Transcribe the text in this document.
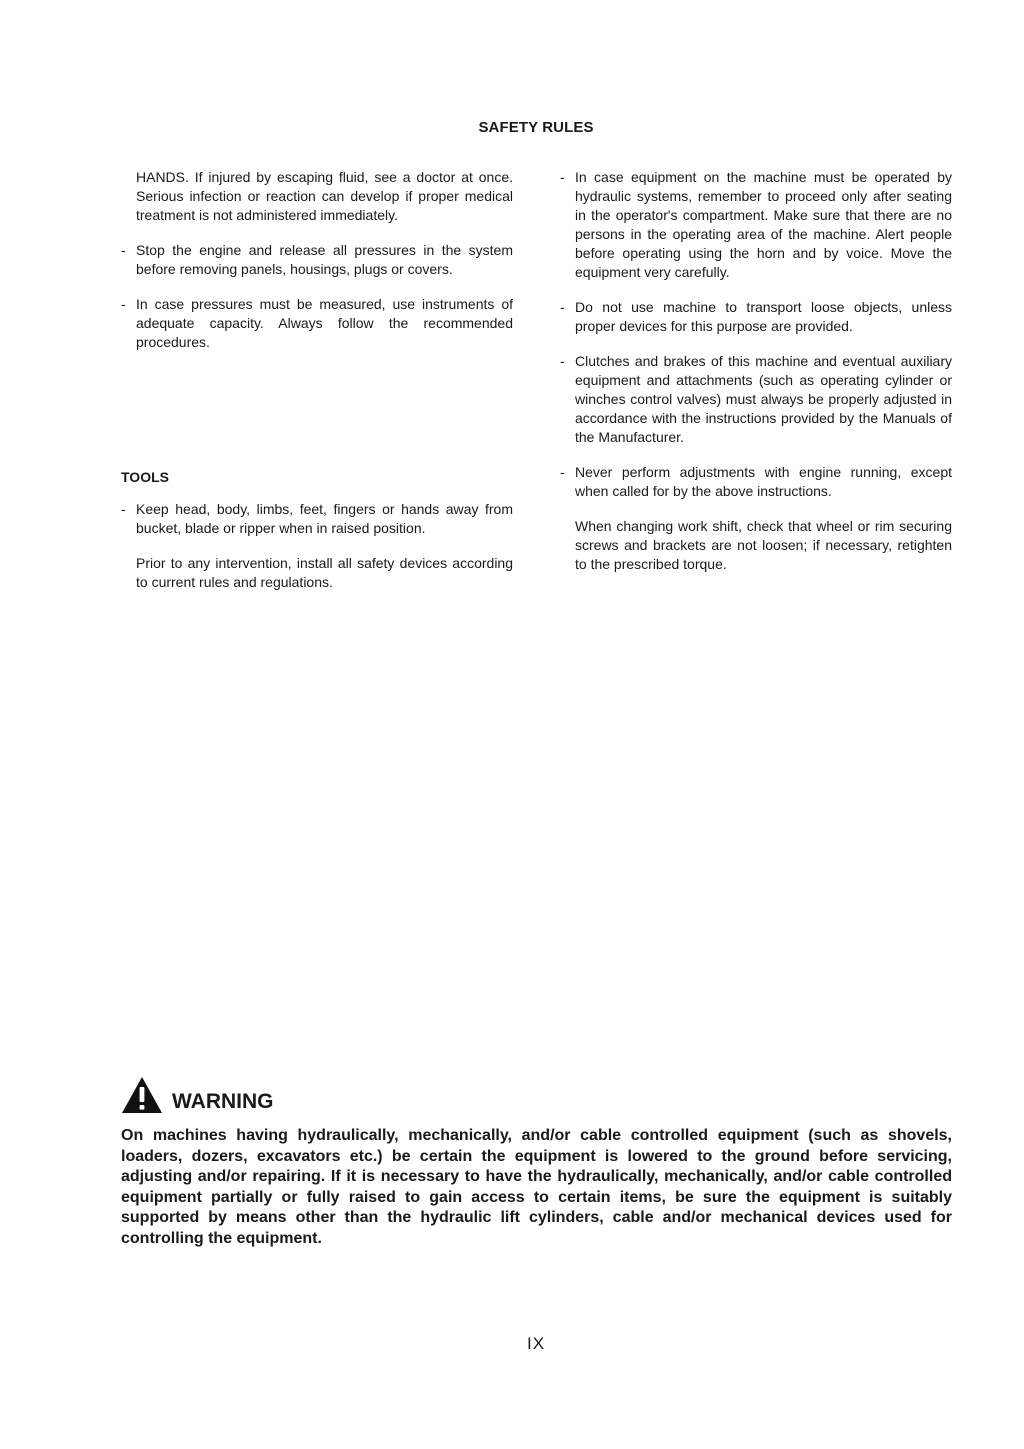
SAFETY RULES

HANDS. If injured by escaping fluid, see a doctor at once. Serious infection or reaction can develop if proper medical treatment is not administered immediately.

- Stop the engine and release all pressures in the system before removing panels, housings, plugs or covers.
- In case pressures must be measured, use instruments of adequate capacity. Always follow the recommended procedures.
TOOLS
- Keep head, body, limbs, feet, fingers or hands away from bucket, blade or ripper when in raised position.

Prior to any intervention, install all safety devices according to current rules and regulations.

- In case equipment on the machine must be operated by hydraulic systems, remember to proceed only after seating in the operator's compartment. Make sure that there are no persons in the operating area of the machine. Alert people before operating using the horn and by voice. Move the equipment very carefully.
- Do not use machine to transport loose objects, unless proper devices for this purpose are provided.
- Clutches and brakes of this machine and eventual auxiliary equipment and attachments (such as operating cylinder or winches control valves) must always be properly adjusted in accordance with the instructions provided by the Manuals of the Manufacturer.
- Never perform adjustments with engine running, except when called for by the above instructions.

When changing work shift, check that wheel or rim securing screws and brackets are not loosen; if necessary, retighten to the prescribed torque.

WARNING
On machines having hydraulically, mechanically, and/or cable controlled equipment (such as shovels, loaders, dozers, excavators etc.) be certain the equipment is lowered to the ground before servicing, adjusting and/or repairing. If it is necessary to have the hydraulically, mechanically, and/or cable controlled equipment partially or fully raised to gain access to certain items, be sure the equipment is suitably supported by means other than the hydraulic lift cylinders, cable and/or mechanical devices used for controlling the equipment.
IX
